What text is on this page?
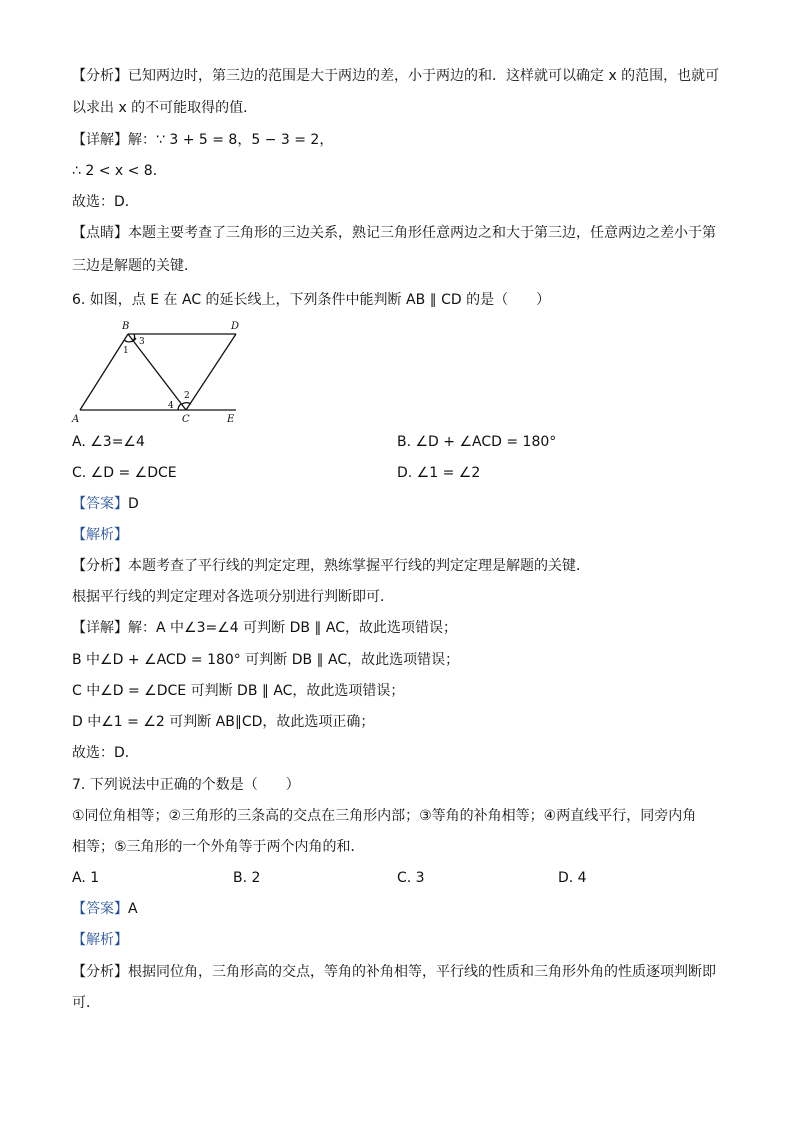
【分析】已知两边时，第三边的范围是大于两边的差，小于两边的和．这样就可以确定 x 的范围，也就可
以求出 x 的不可能取得的值．
【详解】解：∵ 3 + 5 = 8，5 − 3 = 2，
∴ 2 < x < 8．
故选：D．
【点睛】本题主要考查了三角形的三边关系，熟记三角形任意两边之和大于第三边，任意两边之差小于第
三边是解题的关键．
6. 如图，点 E 在 AC 的延长线上，下列条件中能判断 AB ∥ CD 的是（　　）
A
B
C
D
E
1
3
2
4
A. ∠3=∠4	B. ∠D + ∠ACD = 180°
C. ∠D = ∠DCE	D. ∠1 = ∠2
【答案】D
【解析】
【分析】本题考查了平行线的判定定理，熟练掌握平行线的判定定理是解题的关键．
根据平行线的判定定理对各选项分别进行判断即可．
【详解】解：A 中∠3=∠4 可判断 DB ∥ AC，故此选项错误；
B 中∠D + ∠ACD = 180° 可判断 DB ∥ AC，故此选项错误；
C 中∠D = ∠DCE 可判断 DB ∥ AC，故此选项错误；
D 中∠1 = ∠2 可判断 AB∥CD，故此选项正确；
故选：D．
7. 下列说法中正确的个数是（　　）
①同位角相等；②三角形的三条高的交点在三角形内部；③等角的补角相等；④两直线平行，同旁内角
相等；⑤三角形的一个外角等于两个内角的和．
A. 1	B. 2	C. 3	D. 4
【答案】A
【解析】
【分析】根据同位角，三角形高的交点，等角的补角相等，平行线的性质和三角形外角的性质逐项判断即
可．
